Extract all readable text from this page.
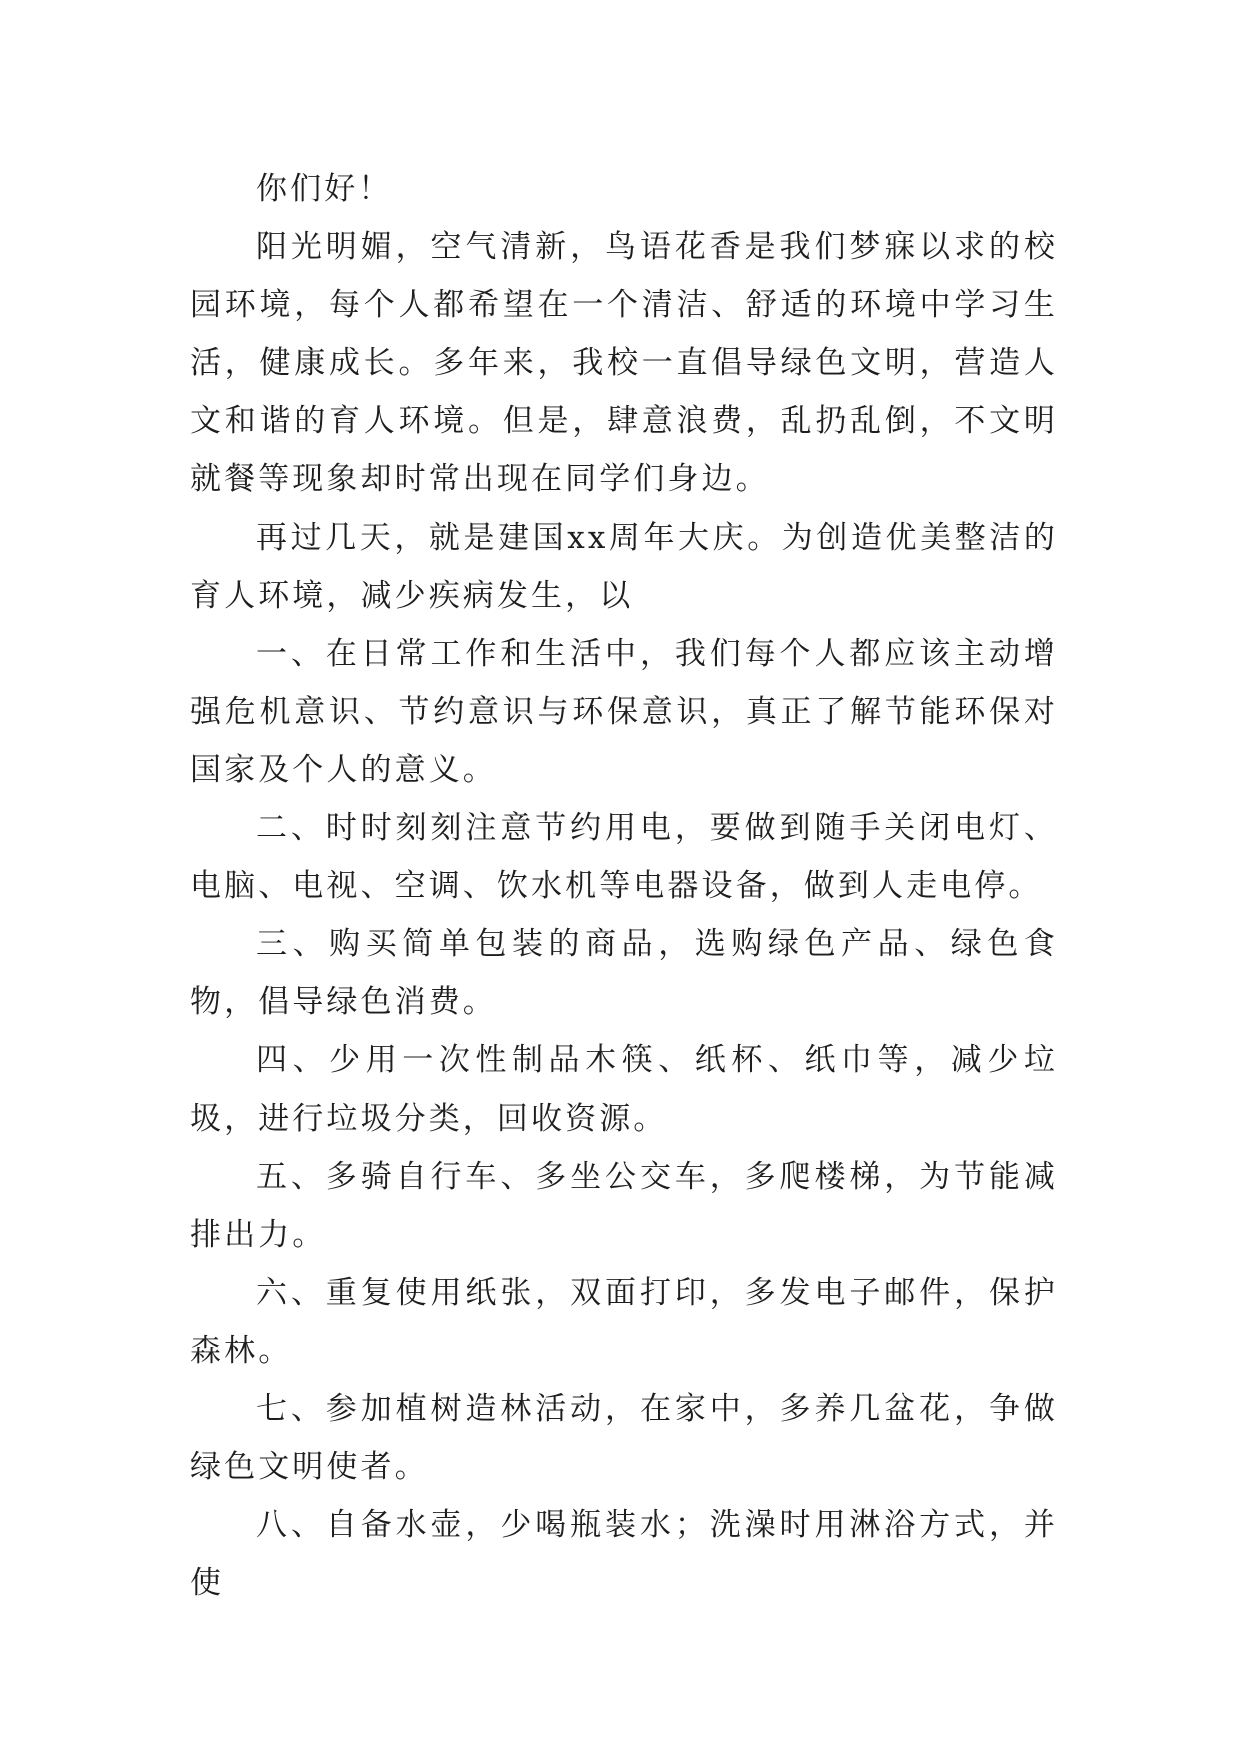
你们好！

阳光明媚，空气清新，鸟语花香是我们梦寐以求的校园环境，每个人都希望在一个清洁、舒适的环境中学习生活，健康成长。多年来，我校一直倡导绿色文明，营造人文和谐的育人环境。但是，肆意浪费，乱扔乱倒，不文明就餐等现象却时常出现在同学们身边。

再过几天，就是建国xx周年大庆。为创造优美整洁的育人环境，减少疾病发生，以

一、在日常工作和生活中，我们每个人都应该主动增强危机意识、节约意识与环保意识，真正了解节能环保对国家及个人的意义。

二、时时刻刻注意节约用电，要做到随手关闭电灯、电脑、电视、空调、饮水机等电器设备，做到人走电停。

三、购买简单包装的商品，选购绿色产品、绿色食物，倡导绿色消费。

四、少用一次性制品木筷、纸杯、纸巾等，减少垃圾，进行垃圾分类，回收资源。

五、多骑自行车、多坐公交车，多爬楼梯，为节能减排出力。

六、重复使用纸张，双面打印，多发电子邮件，保护森林。

七、参加植树造林活动，在家中，多养几盆花，争做绿色文明使者。

八、自备水壶，少喝瓶装水；洗澡时用淋浴方式，并使
